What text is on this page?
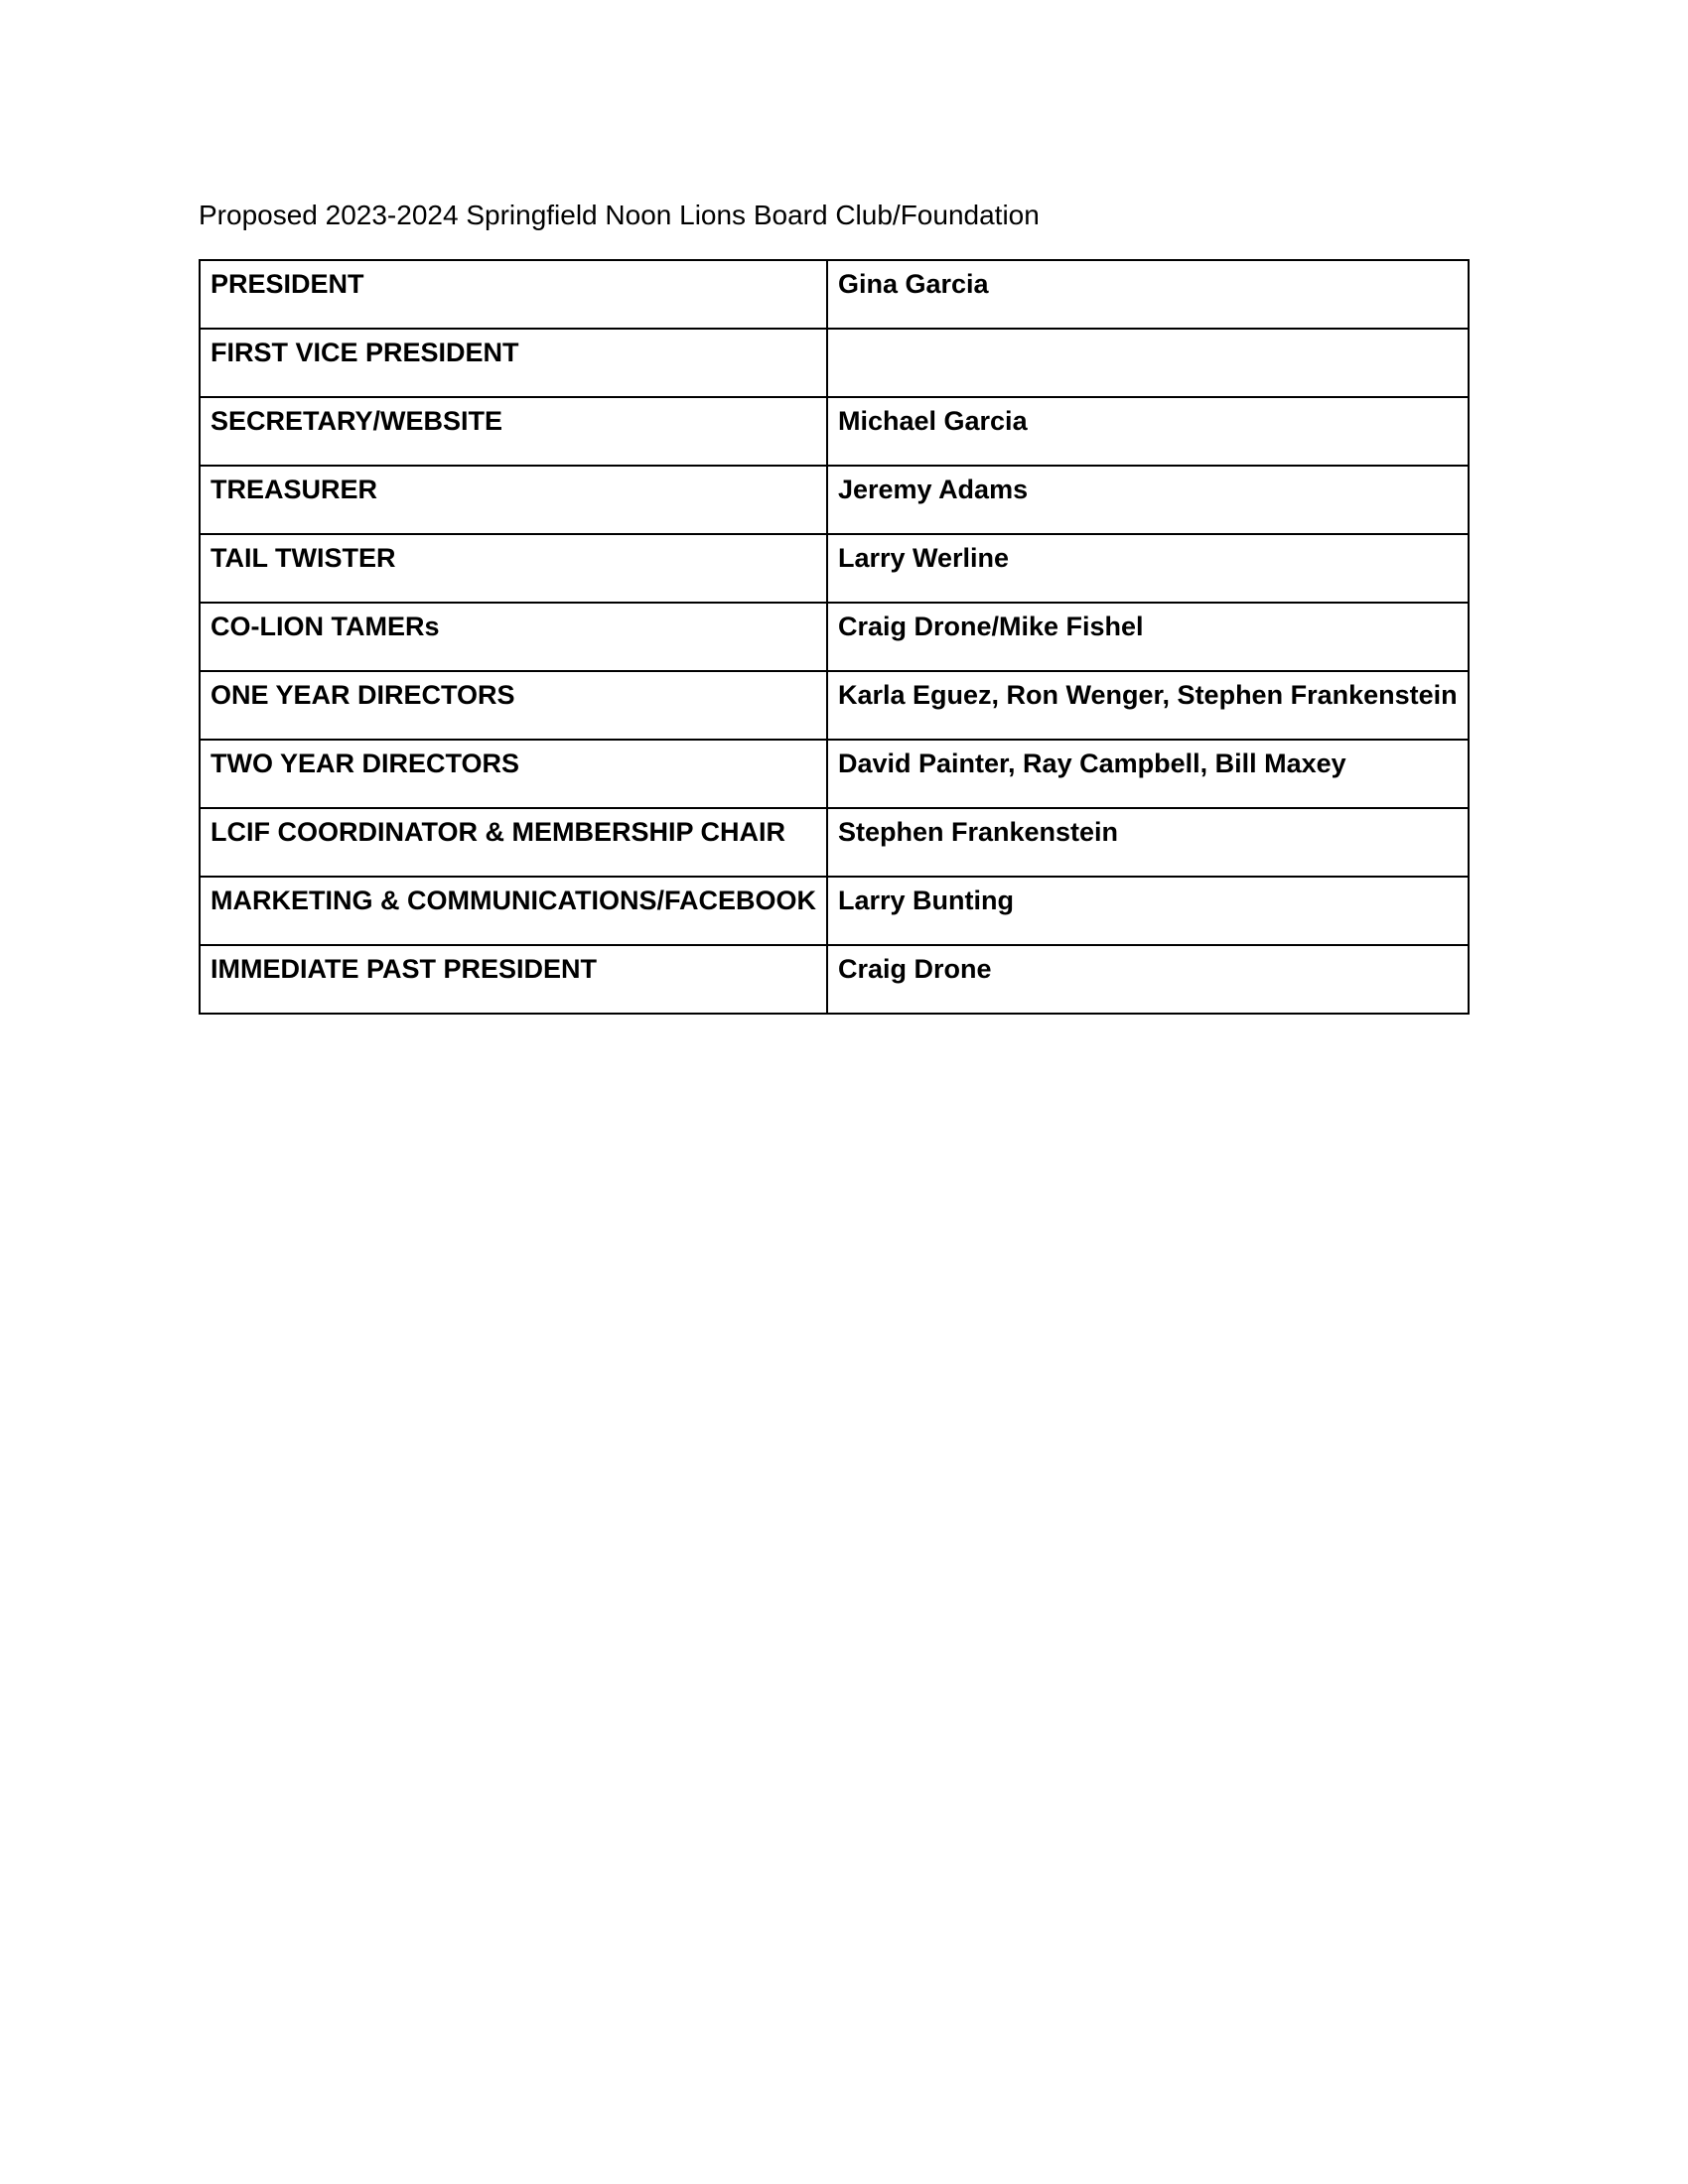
Proposed 2023-2024 Springfield Noon Lions Board Club/Foundation
PRESIDENT	Gina Garcia

FIRST VICE PRESIDENT	

SECRETARY/WEBSITE	Michael Garcia

TREASURER	Jeremy Adams

TAIL TWISTER	Larry Werline

CO-LION TAMERs	Craig Drone/Mike Fishel

ONE YEAR DIRECTORS	Karla Eguez, Ron Wenger, Stephen Frankenstein

TWO YEAR DIRECTORS	David Painter, Ray Campbell, Bill Maxey

LCIF COORDINATOR & MEMBERSHIP CHAIR	Stephen Frankenstein

MARKETING & COMMUNICATIONS/FACEBOOK	Larry Bunting

IMMEDIATE PAST PRESIDENT	Craig Drone
